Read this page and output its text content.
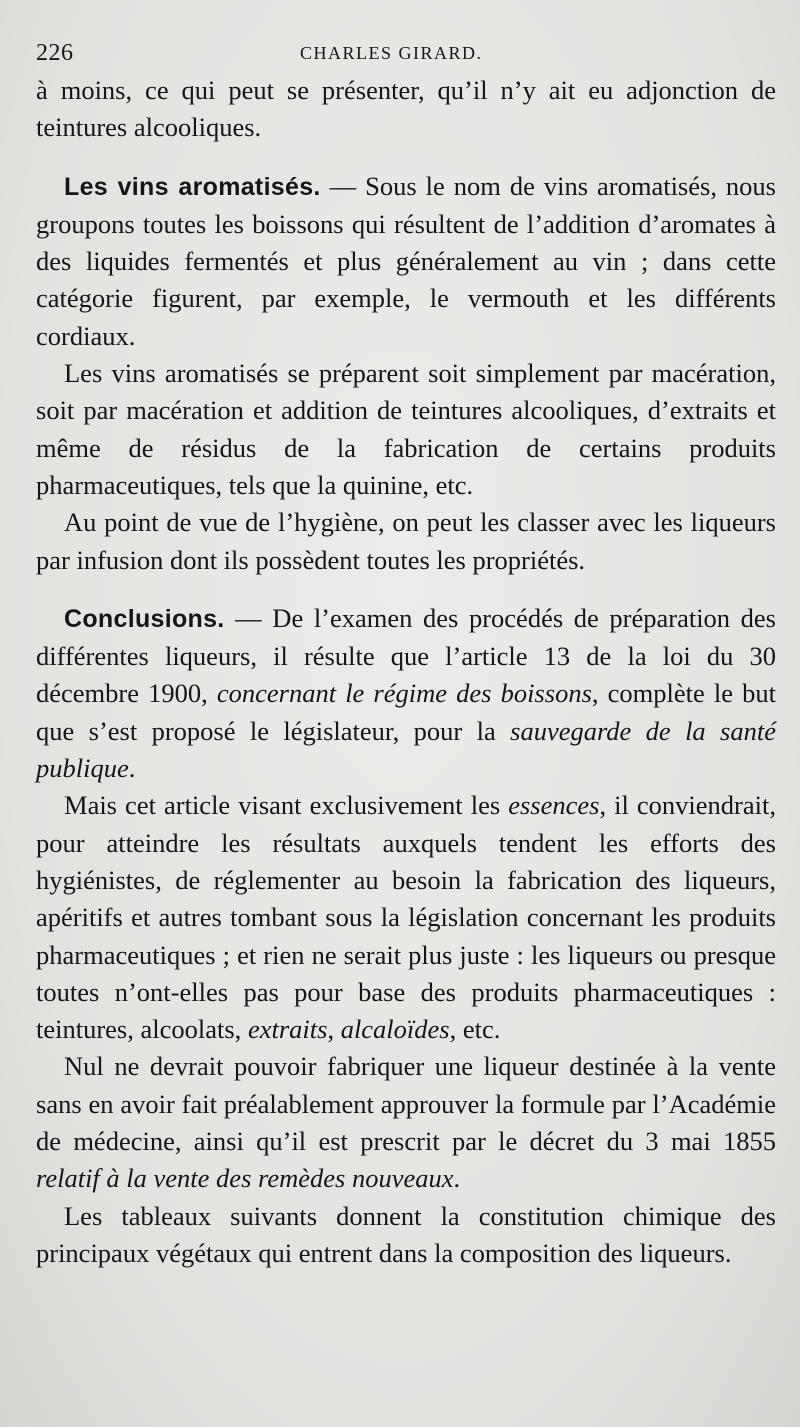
226	CHARLES GIRARD.

à moins, ce qui peut se présenter, qu’il n’y ait eu adjonction de teintures alcooliques.

Les vins aromatisés. — Sous le nom de vins aromatisés, nous groupons toutes les boissons qui résultent de l’addition d’aromates à des liquides fermentés et plus généralement au vin ; dans cette catégorie figurent, par exemple, le vermouth et les différents cordiaux.

Les vins aromatisés se préparent soit simplement par macération, soit par macération et addition de teintures alcooliques, d’extraits et même de résidus de la fabrication de certains produits pharmaceutiques, tels que la quinine, etc.

Au point de vue de l’hygiène, on peut les classer avec les liqueurs par infusion dont ils possèdent toutes les propriétés.

Conclusions. — De l’examen des procédés de préparation des différentes liqueurs, il résulte que l’article 13 de la loi du 30 décembre 1900, concernant le régime des boissons, complète le but que s’est proposé le législateur, pour la sauvegarde de la santé publique.

Mais cet article visant exclusivement les essences, il conviendrait, pour atteindre les résultats auxquels tendent les efforts des hygiénistes, de réglementer au besoin la fabrication des liqueurs, apéritifs et autres tombant sous la législation concernant les produits pharmaceutiques ; et rien ne serait plus juste : les liqueurs ou presque toutes n’ont-elles pas pour base des produits pharmaceutiques : teintures, alcoolats, extraits, alcaloïdes, etc.

Nul ne devrait pouvoir fabriquer une liqueur destinée à la vente sans en avoir fait préalablement approuver la formule par l’Académie de médecine, ainsi qu’il est prescrit par le décret du 3 mai 1855 relatif à la vente des remèdes nouveaux.

Les tableaux suivants donnent la constitution chimique des principaux végétaux qui entrent dans la composition des liqueurs.
